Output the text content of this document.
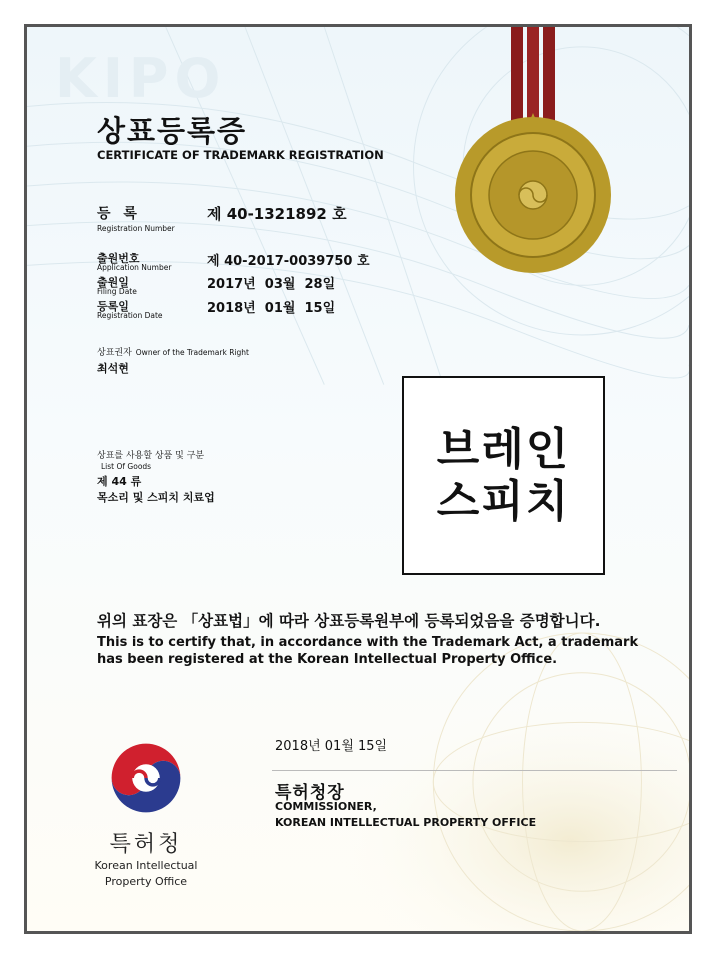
KIPO
상표등록증
CERTIFICATE OF TRADEMARK REGISTRATION
등 록
Registration Number
제 40-1321892 호
출원번호
Application Number	제 40-2017-0039750 호
출원일
Filing Date	2017년  03월  28일
등록일
Registration Date	2018년  01월  15일
상표권자 Owner of the Trademark Right
최석현
상표를 사용할 상품 및 구분
List Of Goods
제 44 류
목소리 및 스피치 치료업
브레인
스피치
위의 표장은 「상표법」에 따라 상표등록원부에 등록되었음을 증명합니다.
This is to certify that, in accordance with the Trademark Act, a trademark
has been registered at the Korean Intellectual Property Office.
2018년 01월 15일
특허청장
COMMISSIONER,
KOREAN INTELLECTUAL PROPERTY OFFICE
특허청
Korean Intellectual
Property Office
